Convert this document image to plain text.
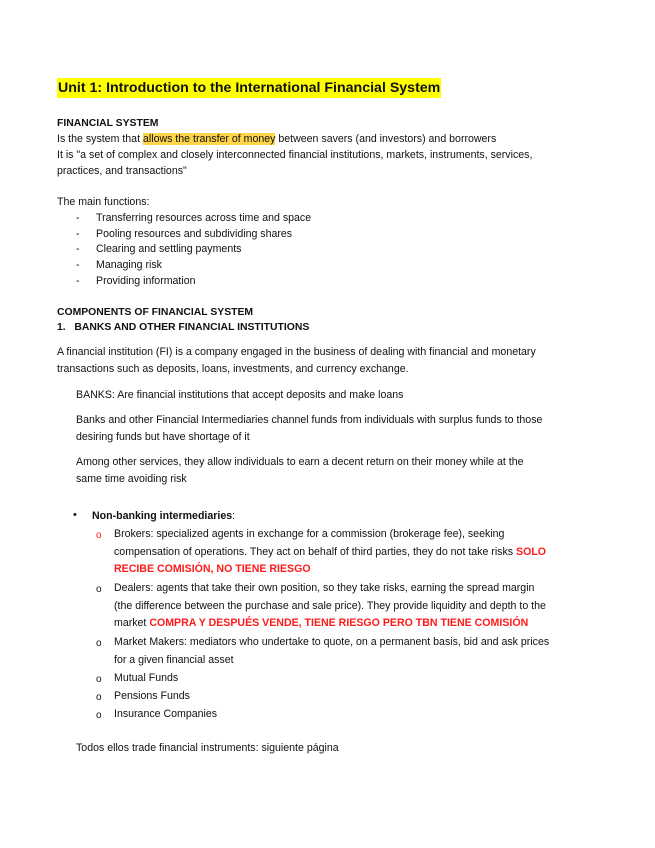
Unit 1: Introduction to the International Financial System
FINANCIAL SYSTEM
Is the system that allows the transfer of money between savers (and investors) and borrowers
It is "a set of complex and closely interconnected financial institutions, markets, instruments, services,
practices, and transactions"
The main functions:
- Transferring resources across time and space
- Pooling resources and subdividing shares
- Clearing and settling payments
- Managing risk
- Providing information
COMPONENTS OF FINANCIAL SYSTEM
1.   BANKS AND OTHER FINANCIAL INSTITUTIONS
A financial institution (FI) is a company engaged in the business of dealing with financial and monetary
transactions such as deposits, loans, investments, and currency exchange.
BANKS: Are financial institutions that accept deposits and make loans
Banks and other Financial Intermediaries channel funds from individuals with surplus funds to those
desiring funds but have shortage of it
Among other services, they allow individuals to earn a decent return on their money while at the
same time avoiding risk
• Non-banking intermediaries:
o Brokers: specialized agents in exchange for a commission (brokerage fee), seeking
compensation of operations. They act on behalf of third parties, they do not take risks SOLO
RECIBE COMISIÓN, NO TIENE RIESGO
o Dealers: agents that take their own position, so they take risks, earning the spread margin
(the difference between the purchase and sale price). They provide liquidity and depth to the
market COMPRA Y DESPUÉS VENDE, TIENE RIESGO PERO TBN TIENE COMISIÓN
o Market Makers: mediators who undertake to quote, on a permanent basis, bid and ask prices
for a given financial asset
o Mutual Funds
o Pensions Funds
o Insurance Companies
Todos ellos trade financial instruments: siguiente página
